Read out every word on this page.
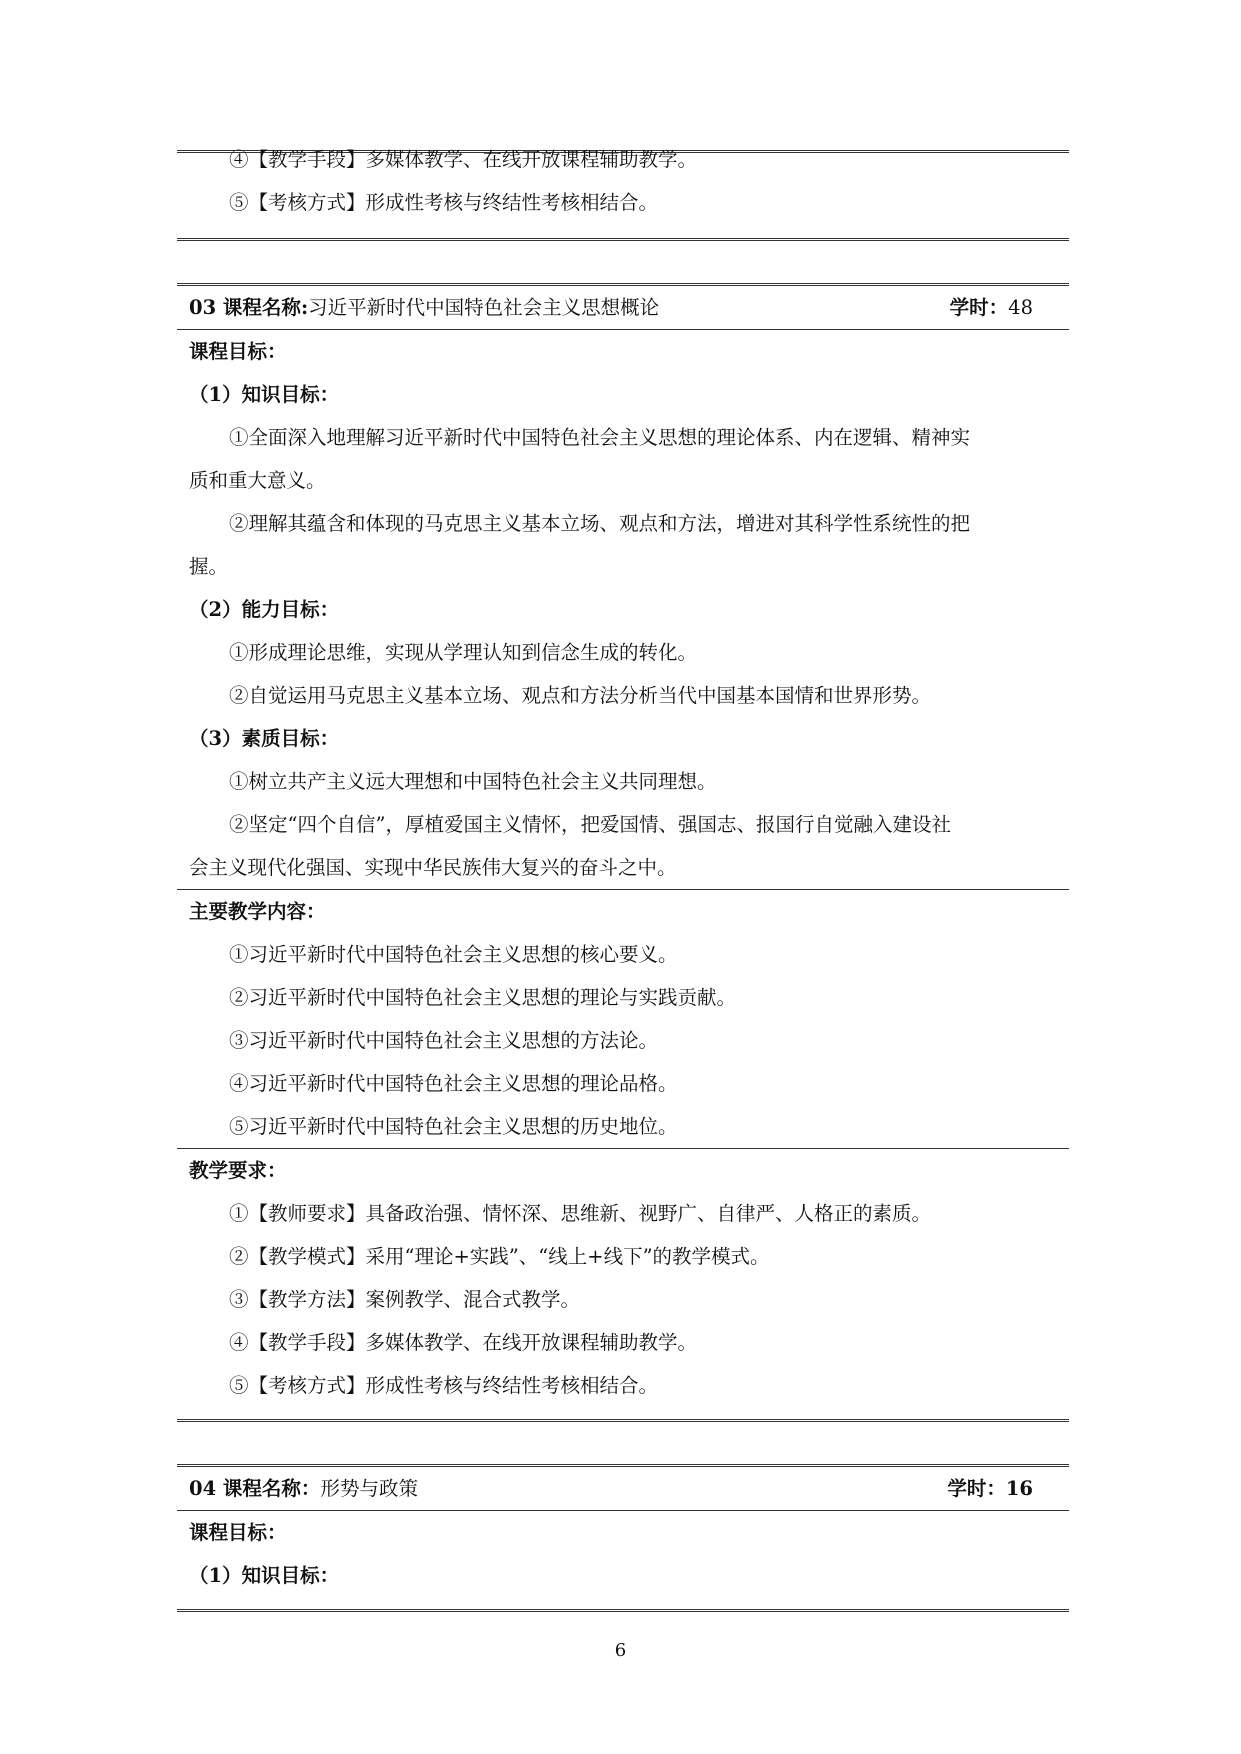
④【教学手段】多媒体教学、在线开放课程辅助教学。
⑤【考核方式】形成性考核与终结性考核相结合。
03 课程名称:习近平新时代中国特色社会主义思想概论	学时：48
课程目标：
（1）知识目标：
①全面深入地理解习近平新时代中国特色社会主义思想的理论体系、内在逻辑、精神实
质和重大意义。
②理解其蕴含和体现的马克思主义基本立场、观点和方法，增进对其科学性系统性的把
握。
（2）能力目标：
①形成理论思维，实现从学理认知到信念生成的转化。
②自觉运用马克思主义基本立场、观点和方法分析当代中国基本国情和世界形势。
（3）素质目标：
①树立共产主义远大理想和中国特色社会主义共同理想。
②坚定“四个自信”，厚植爱国主义情怀，把爱国情、强国志、报国行自觉融入建设社
会主义现代化强国、实现中华民族伟大复兴的奋斗之中。
主要教学内容：
①习近平新时代中国特色社会主义思想的核心要义。
②习近平新时代中国特色社会主义思想的理论与实践贡献。
③习近平新时代中国特色社会主义思想的方法论。
④习近平新时代中国特色社会主义思想的理论品格。
⑤习近平新时代中国特色社会主义思想的历史地位。
教学要求：
①【教师要求】具备政治强、情怀深、思维新、视野广、自律严、人格正的素质。
②【教学模式】采用“理论+实践”、“线上+线下”的教学模式。
③【教学方法】案例教学、混合式教学。
④【教学手段】多媒体教学、在线开放课程辅助教学。
⑤【考核方式】形成性考核与终结性考核相结合。
04 课程名称：形势与政策	学时：16
课程目标：
（1）知识目标：
6
